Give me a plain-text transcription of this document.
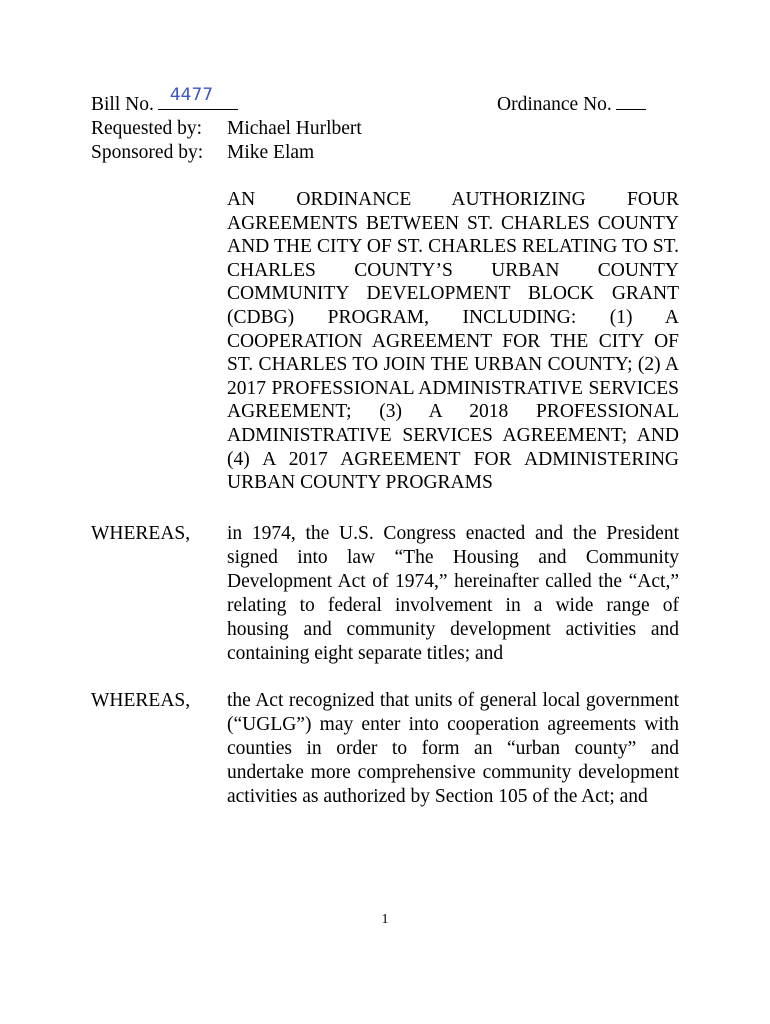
Bill No. 4477	Ordinance No.
Requested by: Michael Hurlbert
Sponsored by: Mike Elam
AN ORDINANCE AUTHORIZING FOUR AGREEMENTS BETWEEN ST. CHARLES COUNTY AND THE CITY OF ST. CHARLES RELATING TO ST. CHARLES COUNTY’S URBAN COUNTY COMMUNITY DEVELOPMENT BLOCK GRANT (CDBG) PROGRAM, INCLUDING: (1) A COOPERATION AGREEMENT FOR THE CITY OF ST. CHARLES TO JOIN THE URBAN COUNTY; (2) A 2017 PROFESSIONAL ADMINISTRATIVE SERVICES AGREEMENT; (3) A 2018 PROFESSIONAL ADMINISTRATIVE SERVICES AGREEMENT; AND (4) A 2017 AGREEMENT FOR ADMINISTERING URBAN COUNTY PROGRAMS
WHEREAS, in 1974, the U.S. Congress enacted and the President signed into law “The Housing and Community Development Act of 1974,” hereinafter called the “Act,” relating to federal involvement in a wide range of housing and community development activities and containing eight separate titles; and
WHEREAS, the Act recognized that units of general local government (“UGLG”) may enter into cooperation agreements with counties in order to form an “urban county” and undertake more comprehensive community development activities as authorized by Section 105 of the Act; and
1
